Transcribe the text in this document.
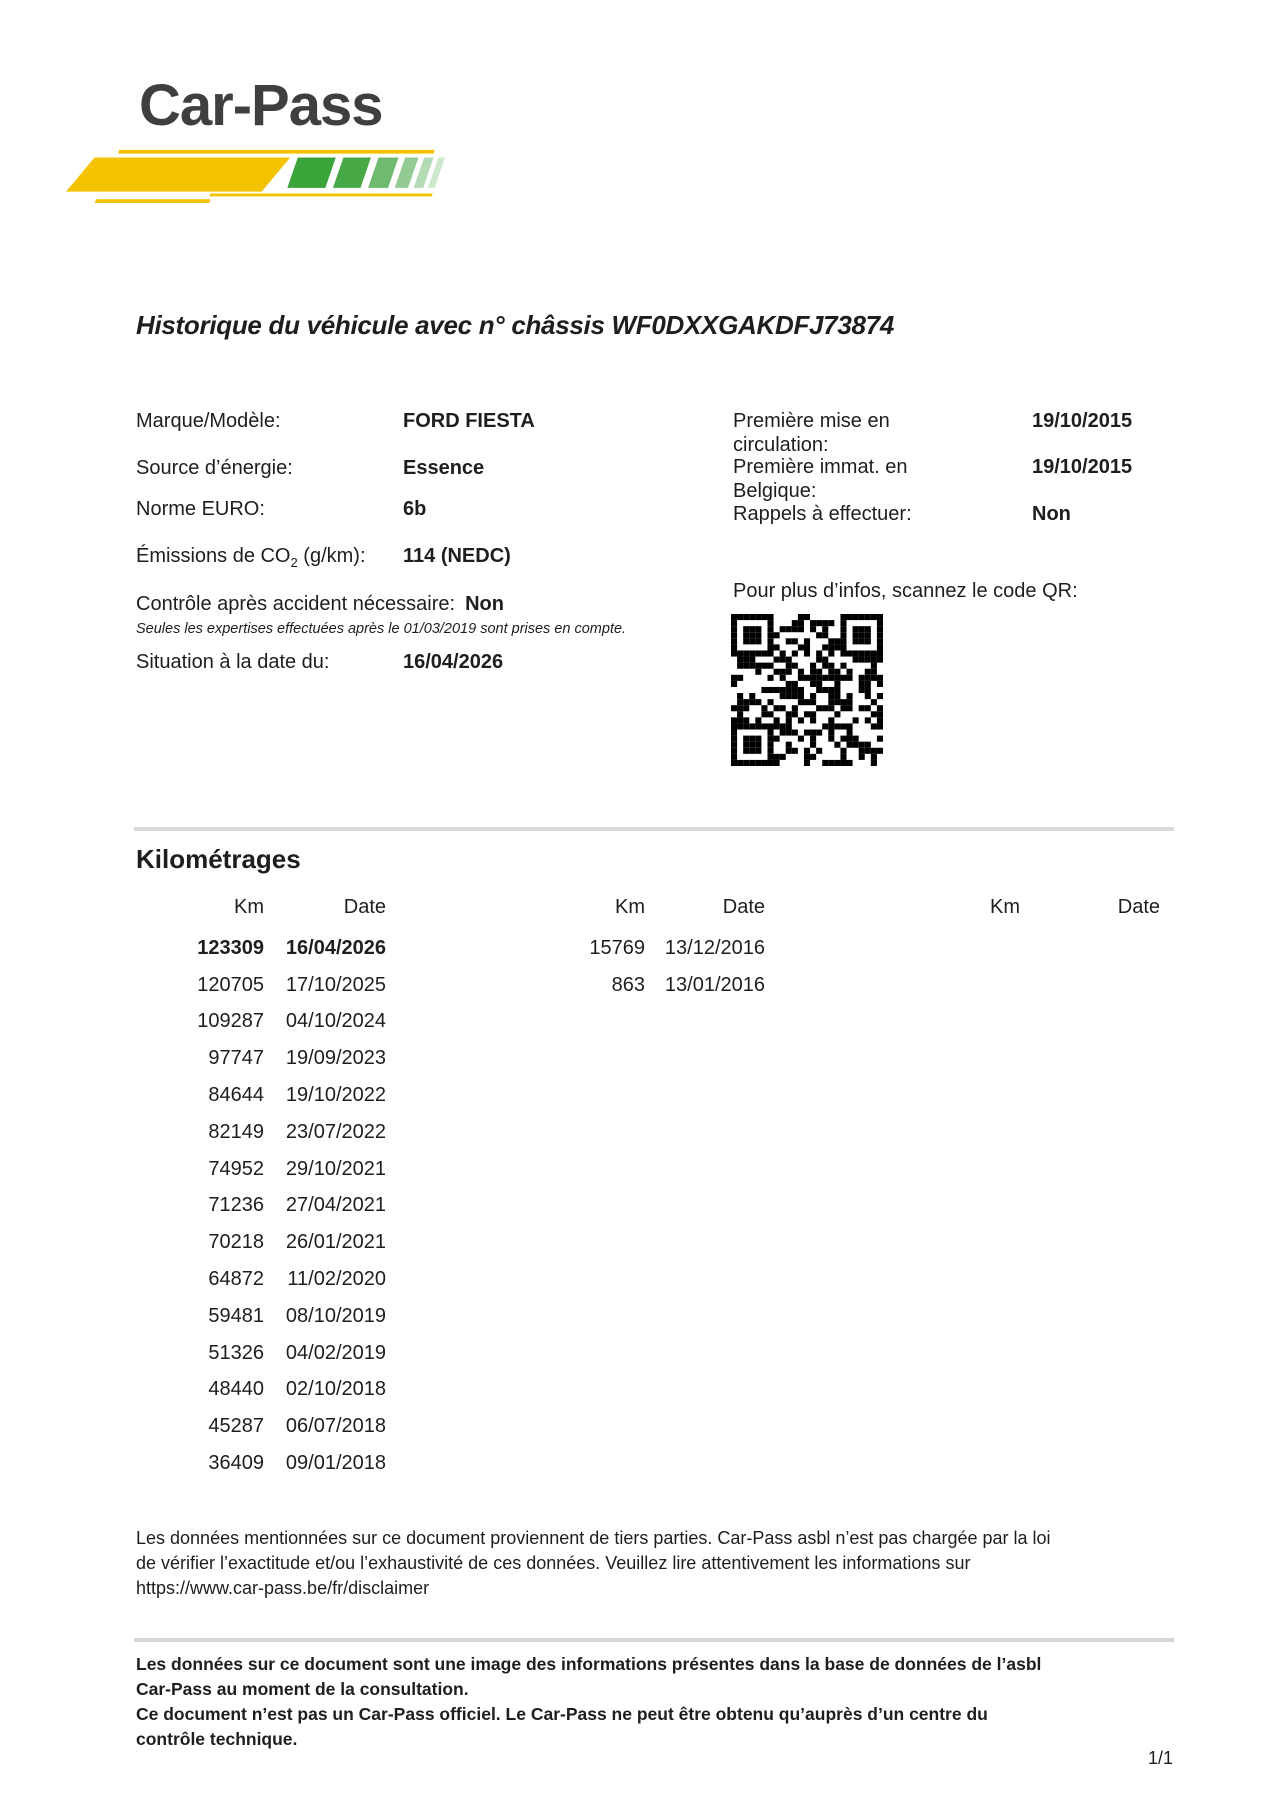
Car-Pass
Historique du véhicule avec n° châssis WF0DXXGAKDFJ73874
Marque/Modèle:	FORD FIESTA
Source d’énergie:	Essence
Norme EURO:	6b
Émissions de $CO_2$ (g/km): 114 (NEDC)
Contrôle après accident nécessaire: Non
Seules les expertises effectuées après le 01/03/2019 sont prises en compte.
Situation à la date du:	16/04/2026
Première mise en circulation:
19/10/2015
Première immat. en Belgique:
19/10/2015
Rappels à effectuer:	Non
Pour plus d’infos, scannez le code QR:
Kilométrages
Km	Date
123309	16/04/2026
120705	17/10/2025
109287	04/10/2024
97747	19/09/2023
84644	19/10/2022
82149	23/07/2022
74952	29/10/2021
71236	27/04/2021
70218	26/01/2021
64872	11/02/2020
59481	08/10/2019
51326	04/02/2019
48440	02/10/2018
45287	06/07/2018
36409	09/01/2018
Km	Date
15769	13/12/2016
863	13/01/2016
Km	Date
Les données mentionnées sur ce document proviennent de tiers parties. Car-Pass asbl n’est pas chargée par la loi
de vérifier l’exactitude et/ou l’exhaustivité de ces données. Veuillez lire attentivement les informations sur
https://www.car-pass.be/fr/disclaimer
Les données sur ce document sont une image des informations présentes dans la base de données de l’asbl
Car-Pass au moment de la consultation.
Ce document n’est pas un Car-Pass officiel. Le Car-Pass ne peut être obtenu qu’auprès d’un centre du
contrôle technique.
1/1
